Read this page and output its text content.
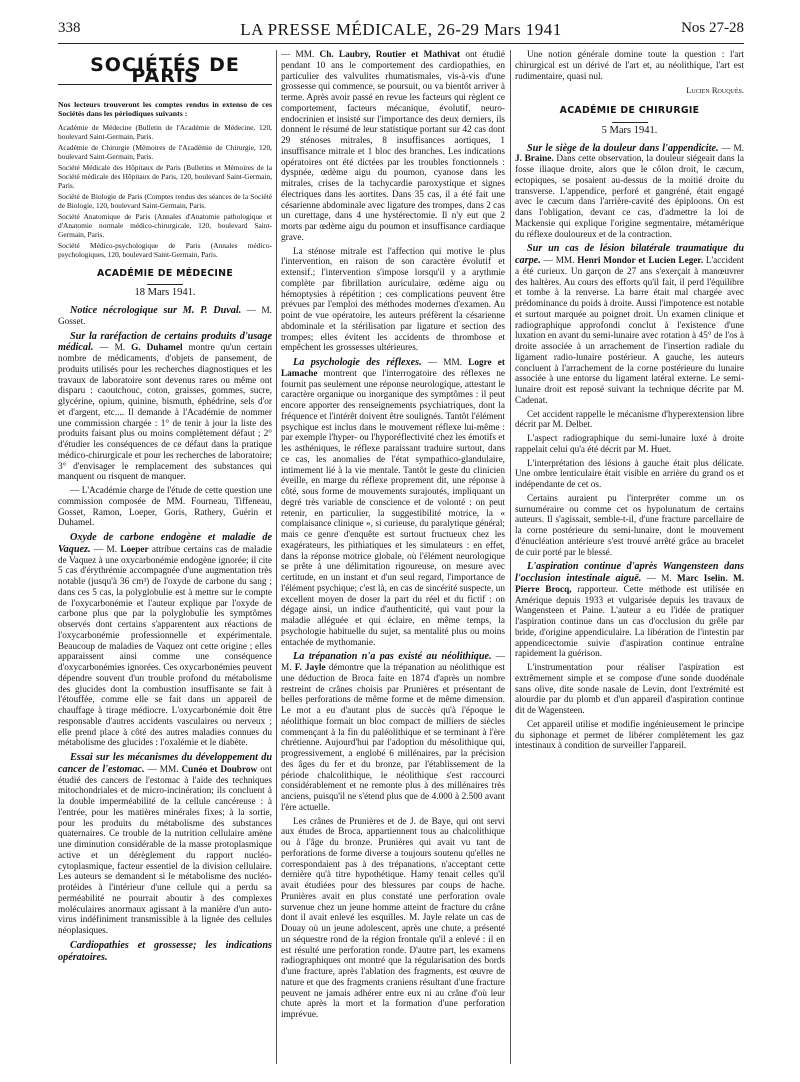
338	LA PRESSE MÉDICALE, 26-29 Mars 1941	Nos 27-28
SOCIÉTÉS DE PARIS

Nos lecteurs trouveront les comptes rendus in extenso de ces Sociétés dans les périodiques suivants :

Académie de Médecine (Bulletin de l'Académie de Médecine, 120, boulevard Saint-Germain, Paris.

Académie de Chirurgie (Mémoires de l'Académie de Chirurgie, 120, boulevard Saint-Germain, Paris.

Société Médicale des Hôpitaux de Paris (Bulletins et Mémoires de la Société médicale des Hôpitaux de Paris, 120, boulevard Saint-Germain, Paris.

Société de Biologie de Paris (Comptes rendus des séances de la Société de Biologie, 120, boulevard Saint-Germain, Paris.

Société Anatomique de Paris (Annales d'Anatomie pathologique et d'Anatomie normale médico-chirurgicale, 120, boulevard Saint-Germain, Paris.

Société Médico-psychologique de Paris (Annales médico-psychologiques, 120, boulevard Saint-Germain, Paris.

ACADÉMIE DE MÉDECINE
18 Mars 1941.

Notice nécrologique sur M. P. Duval. — M. Gosset.

Sur la raréfaction de certains produits d'usage médical. — M. G. Duhamel montre qu'un certain nombre de médicaments, d'objets de pansement, de produits utilisés pour les recherches diagnostiques et les travaux de laboratoire sont devenus rares ou même ont disparu : caoutchouc, coton, graisses, gommes, sucre, glycérine, opium, quinine, bismuth, éphédrine, sels d'or et d'argent, etc.... Il demande à l'Académie de nommer une commission chargée : 1° de tenir à jour la liste des produits faisant plus ou moins complètement défaut ; 2° d'étudier les conséquences de ce défaut dans la pratique médico-chirurgicale et pour les recherches de laboratoire; 3° d'envisager le remplacement des substances qui manquent ou risquent de manquer.

— L'Académie charge de l'étude de cette question une commission composée de MM. Fourneau, Tiffeneau, Gosset, Ramon, Loeper, Goris, Rathery, Guérin et Duhamel.

Oxyde de carbone endogène et maladie de Vaquez. — M. Loeper attribue certains cas de maladie de Vaquez à une oxycarbonémie endogène ignorée; il cite 5 cas d'érythrémie accompagnée d'une augmentation très notable (jusqu'à 36 cm³) de l'oxyde de carbone du sang ; dans ces 5 cas, la polyglobulie est à mettre sur le compte de l'oxycarbonémie et l'auteur explique par l'oxyde de carbone plus que par la polyglobulie les symptômes observés dont certains s'apparentent aux réactions de l'oxycarbonémie professionnelle et expérimentale. Beaucoup de maladies de Vaquez ont cette origine ; elles apparaissent ainsi comme une conséquence d'oxycarbonémies ignorées. Ces oxycarbonémies peuvent dépendre souvent d'un trouble profond du métabolisme des glucides dont la combustion insuffisante se fait à l'étouffée, comme elle se fait dans un appareil de chauffage à tirage médiocre. L'oxycarbonémie doit être responsable d'autres accidents vasculaires ou nerveux ; elle prend place à côté des autres maladies connues du métabolisme des glucides : l'oxalémie et le diabète.

Essai sur les mécanismes du développement du cancer de l'estomac. — MM. Cunéo et Doubrow ont étudié des cancers de l'estomac à l'aide des techniques mitochondriales et de micro-incinération; ils concluent à la double imperméabilité de la cellule cancéreuse : à l'entrée, pour les matières minérales fixes; à la sortie, pour les produits du métabolisme des substances quaternaires. Ce trouble de la nutrition cellulaire amène une diminution considérable de la masse protoplasmique active et un dérèglement du rapport nucléo-cytoplasmique, facteur essentiel de la division cellulaire. Les auteurs se demandent si le métabolisme des nucléo-protéides à l'intérieur d'une cellule qui a perdu sa perméabilité ne pourrait aboutir à des complexes moléculaires anormaux agissant à la manière d'un auto-virus indéfiniment transmissible à la lignée des cellules néoplasiques.

Cardiopathies et grossesse; les indications opératoires.

— MM. Ch. Laubry, Routier et Mathivat ont étudié pendant 10 ans le comportement des cardiopathies, en particulier des valvulites rhumatismales, vis-à-vis d'une grossesse qui commence, se poursuit, ou va bientôt arriver à terme. Après avoir passé en revue les facteurs qui règlent ce comportement, facteurs mécanique, évolutif, neuro-endocrinien et insisté sur l'importance des deux derniers, ils donnent le résumé de leur statistique portant sur 42 cas dont 29 sténoses mitrales, 8 insuffisances aortiques, 1 insuffisance mitrale et 1 bloc des branches. Les indications opératoires ont été dictées par les troubles fonctionnels : dyspnée, œdème aigu du poumon, cyanose dans les mitrales, crises de la tachycardie paroxystique et signes électriques dans les aortites. Dans 35 cas, il a été fait une césarienne abdominale avec ligature des trompes, dans 2 cas un curettage, dans 4 une hystérectomie. Il n'y eut que 2 morts par œdème aigu du poumon et insuffisance cardiaque grave.

La sténose mitrale est l'affection qui motive le plus l'intervention, en raison de son caractère évolutif et extensif.; l'intervention s'impose lorsqu'il y a arythmie complète par fibrillation auriculaire, œdème aigu ou hémoptysies à répétition ; ces complications peuvent être prévues par l'emploi des méthodes modernes d'examen. Au point de vue opératoire, les auteurs préfèrent la césarienne abdominale et la stérilisation par ligature et section des trompes; elles évitent les accidents de thrombose et empêchent les grossesses ultérieures.

La psychologie des réflexes. — MM. Logre et Lamache montrent que l'interrogatoire des réflexes ne fournit pas seulement une réponse neurologique, attestant le caractère organique ou inorganique des symptômes : il peut encore apporter des renseignements psychiatriques, dont la fréquence et l'intérêt doivent être soulignés. Tantôt l'élément psychique est inclus dans le mouvement réflexe lui-même : par exemple l'hyper- ou l'hyporéflectivité chez les émotifs et les asthéniques, le réflexe paraissant traduire surtout, dans ce cas, les anomalies de l'état sympathico-glandulaire, intimement lié à la vie mentale. Tantôt le geste du clinicien éveille, en marge du réflexe proprement dit, une réponse à côté, sous forme de mouvements surajoutés, impliquant un degré très variable de conscience et de volonté : on peut retenir, en particulier, la suggestibilité motrice, la « complaisance clinique », si curieuse, du paralytique général; mais ce genre d'enquête est surtout fructueux chez les exagérateurs, les pithiatiques et les simulateurs : en effet, dans la réponse motrice globale, où l'élément neurologique se prête à une délimitation rigoureuse, on mesure avec certitude, en un instant et d'un seul regard, l'importance de l'élément psychique; c'est là, en cas de sincérité suspecte, un excellent moyen de doser la part du réel et du fictif : on dégage ainsi, un indice d'authenticité, qui vaut pour la maladie alléguée et qui éclaire, en même temps, la psychologie habituelle du sujet, sa mentalité plus ou moins entachée de mythomanie.

La trépanation n'a pas existé au néolithique. — M. F. Jayle démontre que la trépanation au néolithique est une déduction de Broca faite en 1874 d'après un nombre restreint de crânes choisis par Prunières et présentant de belles perforations de même forme et de même dimension. Le mot a eu d'autant plus de succès qu'à l'époque le néolithique formait un bloc compact de milliers de siècles commençant à la fin du paléolithique et se terminant à l'ère chrétienne. Aujourd'hui par l'adoption du mésolithique qui, progressivement, a englobé 6 millénaires, par la précision des âges du fer et du bronze, par l'établissement de la période chalcolithique, le néolithique s'est raccourci considérablement et ne remonte plus à des millénaires très anciens, puisqu'il ne s'étend plus que de 4.000 à 2.500 avant l'ère actuelle.

Les crânes de Prunières et de J. de Baye, qui ont servi aux études de Broca, appartiennent tous au chalcolithique ou à l'âge du bronze. Prunières qui avait vu tant de perforations de forme diverse a toujours soutenu qu'elles ne correspondaient pas à des trépanations, n'acceptant cette dernière qu'à titre hypothétique. Hamy tenait celles qu'il avait étudiées pour des blessures par coups de hache. Prunières avait en plus constaté une perforation ovale survenue chez un jeune homme atteint de fracture du crâne dont il avait enlevé les esquilles. M. Jayle relate un cas de Douay où un jeune adolescent, après une chute, a présenté un séquestre rond de la région frontale qu'il a enlevé : il en est résulté une perforation ronde. D'autre part, les examens radiographiques ont montré que la régularisation des bords d'une fracture, après l'ablation des fragments, est œuvre de nature et que des fragments craniens résultant d'une fracture peuvent ne jamais adhérer entre eux ni au crâne d'où leur chute après la mort et la formation d'une perforation imprévue.

Une notion générale domine toute la question : l'art chirurgical est un dérivé de l'art et, au néolithique, l'art est rudimentaire, quasi nul.

Lucien Rouquès.

ACADÉMIE DE CHIRURGIE
5 Mars 1941.

Sur le siège de la douleur dans l'appendicite. — M. J. Braine. Dans cette observation, la douleur siégeait dans la fosse iliaque droite, alors que le côlon droit, le cæcum, ectopiques, se posaient au-dessus de la moitié droite du transverse. L'appendice, perforé et gangréné, était engagé avec le cæcum dans l'arrière-cavité des épiploons. On est dans l'obligation, devant ce cas, d'admettre la loi de Mackensie qui explique l'origine segmentaire, métamérique du réflexe douloureux et de la contraction.

Sur un cas de lésion bilatérale traumatique du carpe. — MM. Henri Mondor et Lucien Leger. L'accident a été curieux. Un garçon de 27 ans s'exerçait à manœuvrer des haltères. Au cours des efforts qu'il fait, il perd l'équilibre et tombe à la renverse. La barre était mal chargée avec prédominance du poids à droite. Aussi l'impotence est notable et surtout marquée au poignet droit. Un examen clinique et radiographique approfondi conclut à l'existence d'une luxation en avant du semi-lunaire avec rotation à 45° de l'os à droite associée à un arrachement de l'insertion radiale du ligament radio-lunaire postérieur. A gauche, les auteurs concluent à l'arrachement de la corne postérieure du lunaire associée à une entorse du ligament latéral externe. Le semi-lunaire droit est reposé suivant la technique décrite par M. Cadenat.

Cet accident rappelle le mécanisme d'hyperextension libre décrit par M. Delbet.

L'aspect radiographique du semi-lunaire luxé à droite rappelait celui qu'a été décrit par M. Huet.

L'interprétation des lésions à gauche était plus délicate. Une ombre lenticulaire était visible en arrière du grand os et indépendante de cet os.

Certains auraient pu l'interpréter comme un os surnuméraire ou comme cet os hypolunatum de certains auteurs. Il s'agissait, semble-t-il, d'une fracture parcellaire de la corne postérieure du semi-lunaire, dont le mouvement d'énucléation antérieure s'est trouvé arrêté grâce au bracelet de cuir porté par le blessé.

L'aspiration continue d'après Wangensteen dans l'occlusion intestinale aiguë. — M. Marc Iselin. M. Pierre Brocq, rapporteur. Cette méthode est utilisée en Amérique depuis 1933 et vulgarisée depuis les travaux de Wangensteen et Paine. L'auteur a eu l'idée de pratiquer l'aspiration continue dans un cas d'occlusion du grêle par bride, d'origine appendiculaire. La libération de l'intestin par appendicectomie suivie d'aspiration continue entraîne rapidement la guérison.

L'instrumentation pour réaliser l'aspiration est extrêmement simple et se compose d'une sonde duodénale sans olive, dite sonde nasale de Levin, dont l'extrémité est alourdie par du plomb et d'un appareil d'aspiration continue dit de Wagensteen.

Cet appareil utilise et modifie ingénieusement le principe du siphonage et permet de libérer complètement les gaz intestinaux à condition de surveiller l'appareil.
